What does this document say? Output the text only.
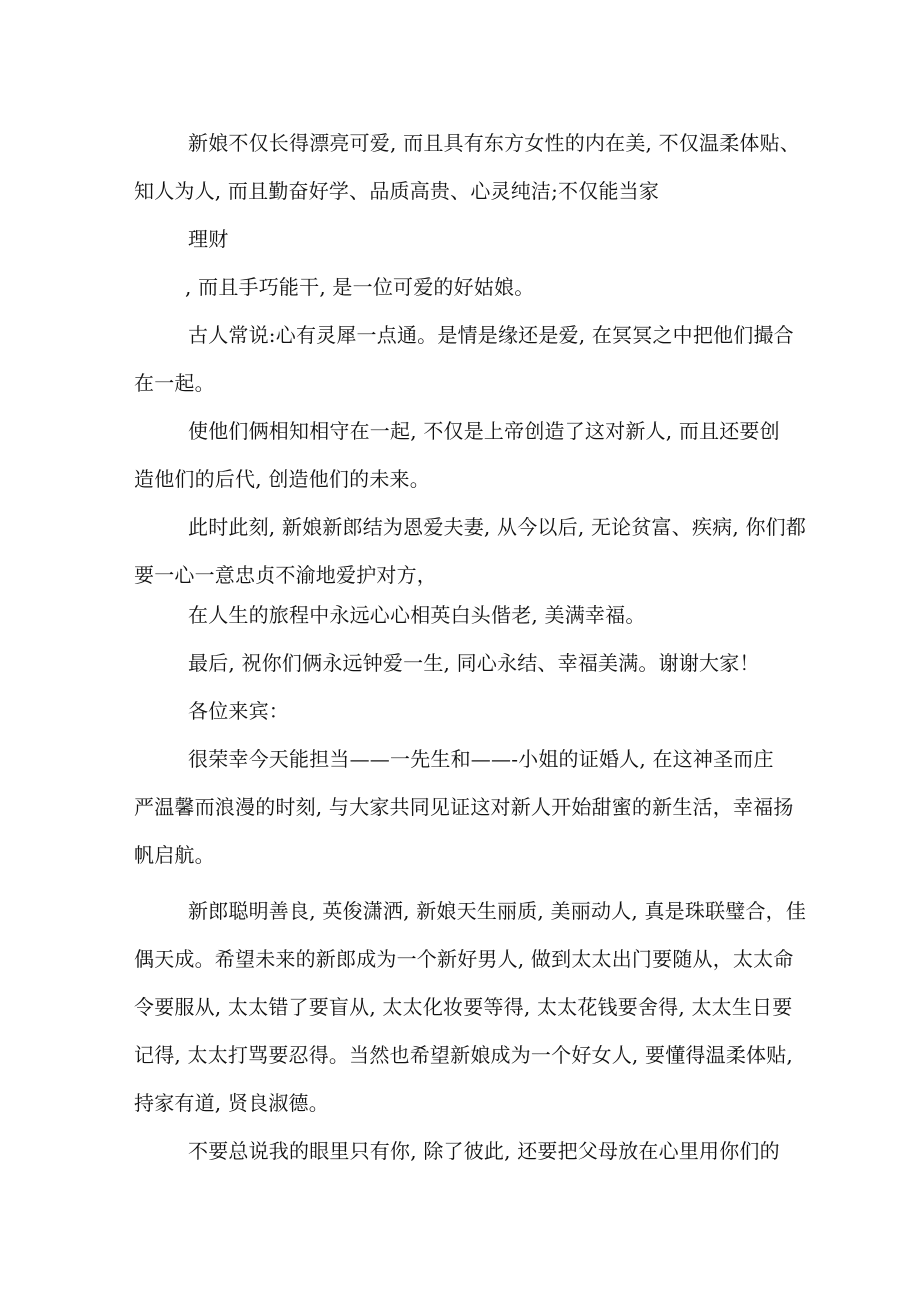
新娘不仅长得漂亮可爱, 而且具有东方女性的内在美, 不仅温柔体贴、
知人为人, 而且勤奋好学、品质高贵、心灵纯洁;不仅能当家
理财
, 而且手巧能干, 是一位可爱的好姑娘。
古人常说:心有灵犀一点通。是情是缘还是爱, 在冥冥之中把他们撮合
在一起。
使他们俩相知相守在一起, 不仅是上帝创造了这对新人, 而且还要创
造他们的后代, 创造他们的未来。
此时此刻, 新娘新郎结为恩爱夫妻, 从今以后, 无论贫富、疾病, 你们都
要一心一意忠贞不渝地爱护对方，
在人生的旅程中永远心心相英白头偕老, 美满幸福。
最后, 祝你们俩永远钟爱一生, 同心永结、幸福美满。谢谢大家！
各位来宾：
很荣幸今天能担当——一先生和——-小姐的证婚人, 在这神圣而庄
严温馨而浪漫的时刻, 与大家共同见证这对新人开始甜蜜的新生活，幸福扬
帆启航。
新郎聪明善良, 英俊潇洒, 新娘天生丽质, 美丽动人, 真是珠联璧合，佳
偶天成。希望未来的新郎成为一个新好男人, 做到太太出门要随从，太太命
令要服从, 太太错了要盲从, 太太化妆要等得, 太太花钱要舍得, 太太生日要
记得, 太太打骂要忍得。当然也希望新娘成为一个好女人, 要懂得温柔体贴,
持家有道, 贤良淑德。
不要总说我的眼里只有你, 除了彼此, 还要把父母放在心里用你们的
